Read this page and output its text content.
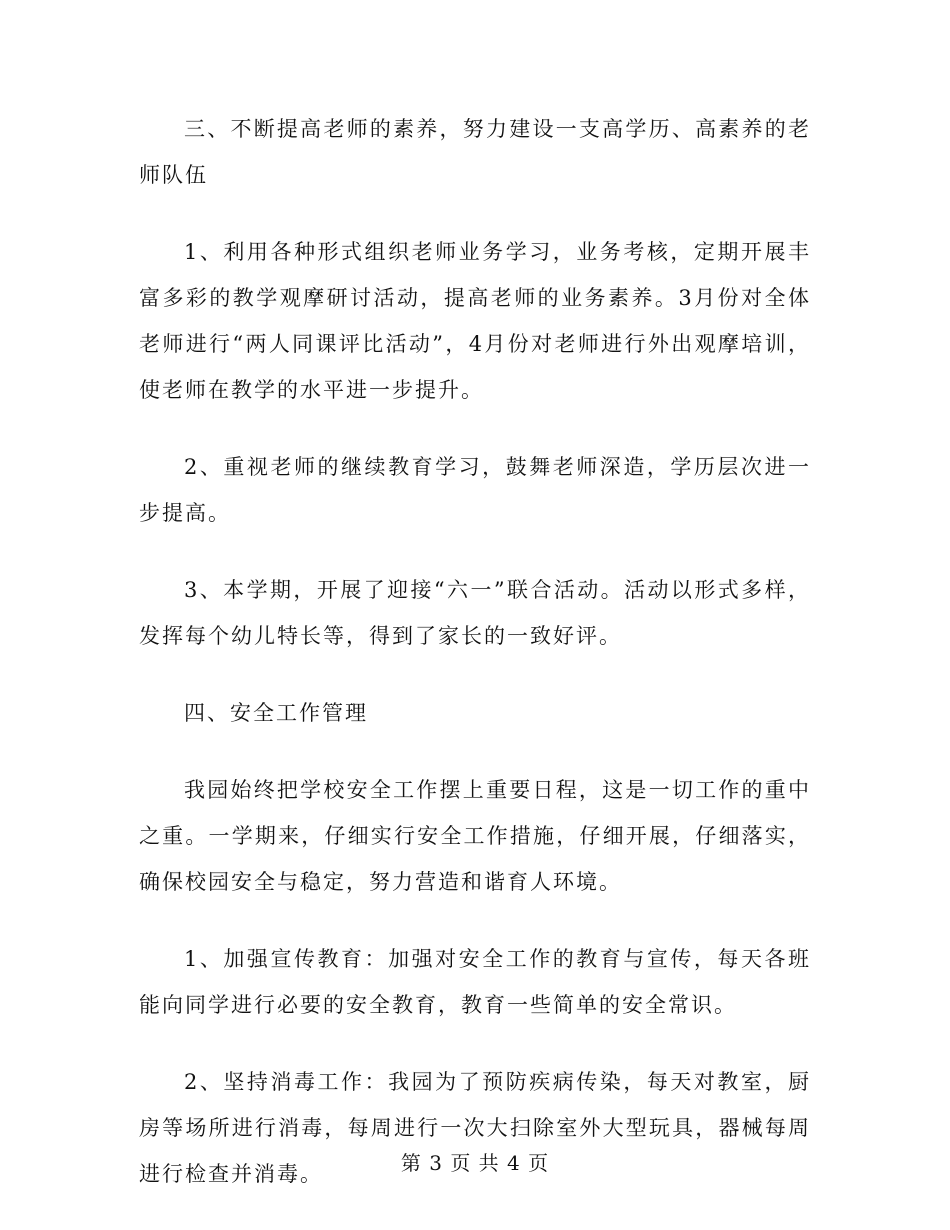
三、不断提高老师的素养，努力建设一支高学历、高素养的老师队伍

1、利用各种形式组织老师业务学习，业务考核，定期开展丰富多彩的教学观摩研讨活动，提高老师的业务素养。3月份对全体老师进行“两人同课评比活动”，4月份对老师进行外出观摩培训，使老师在教学的水平进一步提升。

2、重视老师的继续教育学习，鼓舞老师深造，学历层次进一步提高。

3、本学期，开展了迎接“六一”联合活动。活动以形式多样，发挥每个幼儿特长等，得到了家长的一致好评。

四、安全工作管理

我园始终把学校安全工作摆上重要日程，这是一切工作的重中之重。一学期来，仔细实行安全工作措施，仔细开展，仔细落实，确保校园安全与稳定，努力营造和谐育人环境。

1、加强宣传教育：加强对安全工作的教育与宣传，每天各班能向同学进行必要的安全教育，教育一些简单的安全常识。

2、坚持消毒工作：我园为了预防疾病传染，每天对教室，厨房等场所进行消毒，每周进行一次大扫除室外大型玩具，器械每周进行检查并消毒。	第 3 页 共 4 页
